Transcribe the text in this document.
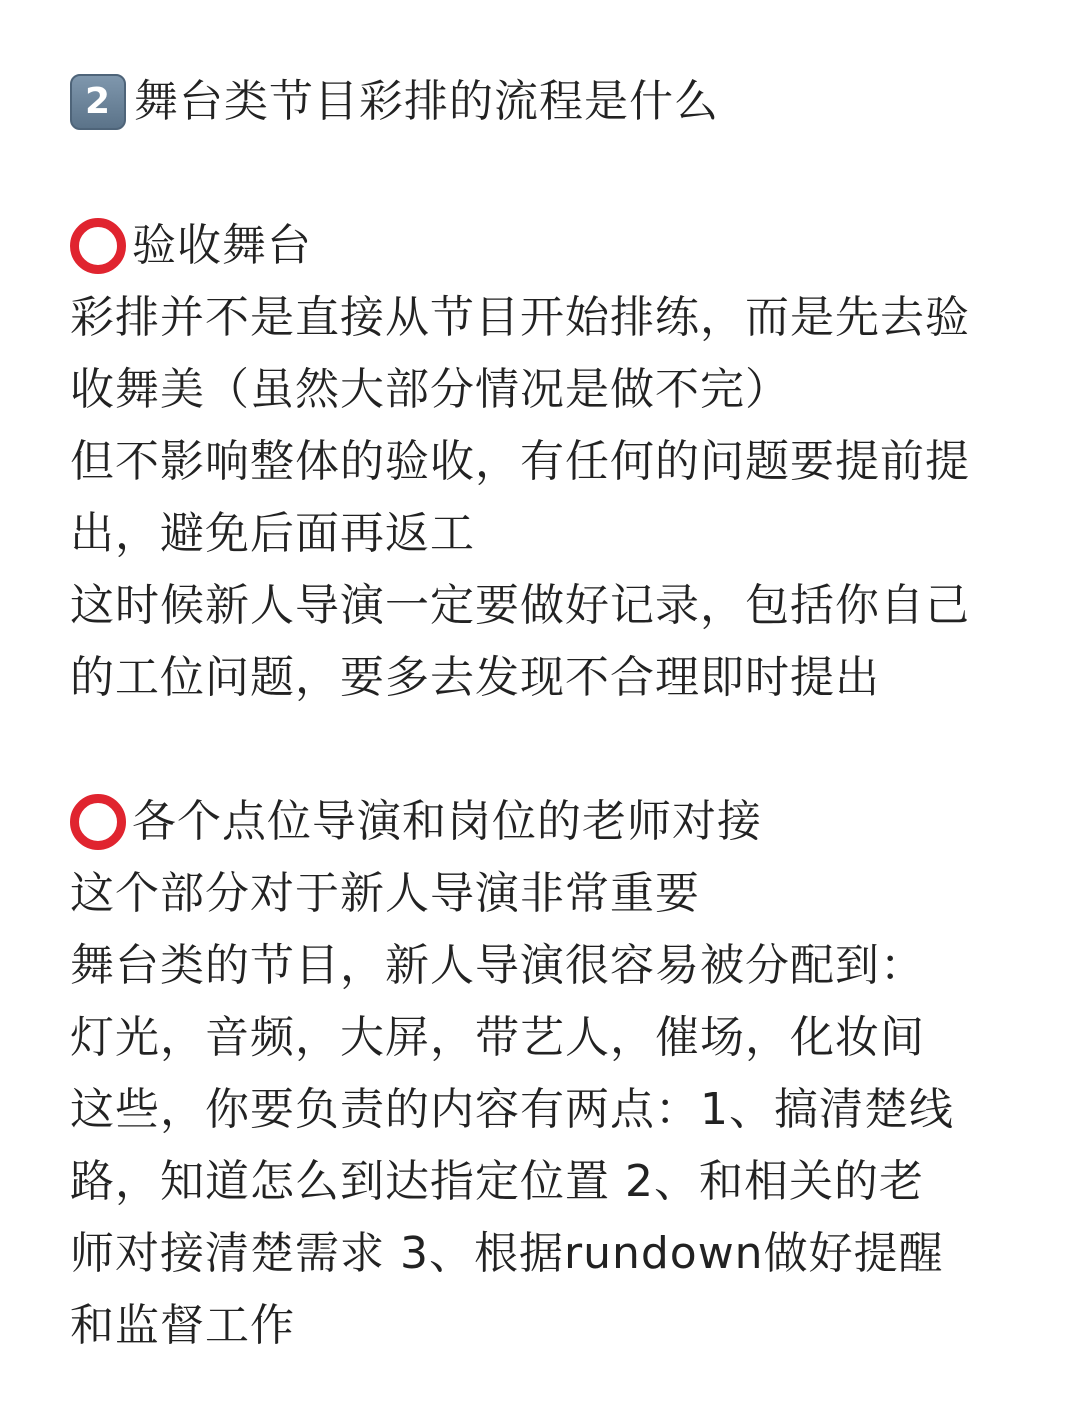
2 舞台类节目彩排的流程是什么
验收舞台
彩排并不是直接从节目开始排练，而是先去验
收舞美（虽然大部分情况是做不完）
但不影响整体的验收，有任何的问题要提前提
出，避免后面再返工
这时候新人导演一定要做好记录，包括你自己
的工位问题，要多去发现不合理即时提出
各个点位导演和岗位的老师对接
这个部分对于新人导演非常重要
舞台类的节目，新人导演很容易被分配到：
灯光，音频，大屏，带艺人，催场，化妆间
这些，你要负责的内容有两点：1、搞清楚线
路，知道怎么到达指定位置 2、和相关的老
师对接清楚需求 3、根据rundown做好提醒
和监督工作
